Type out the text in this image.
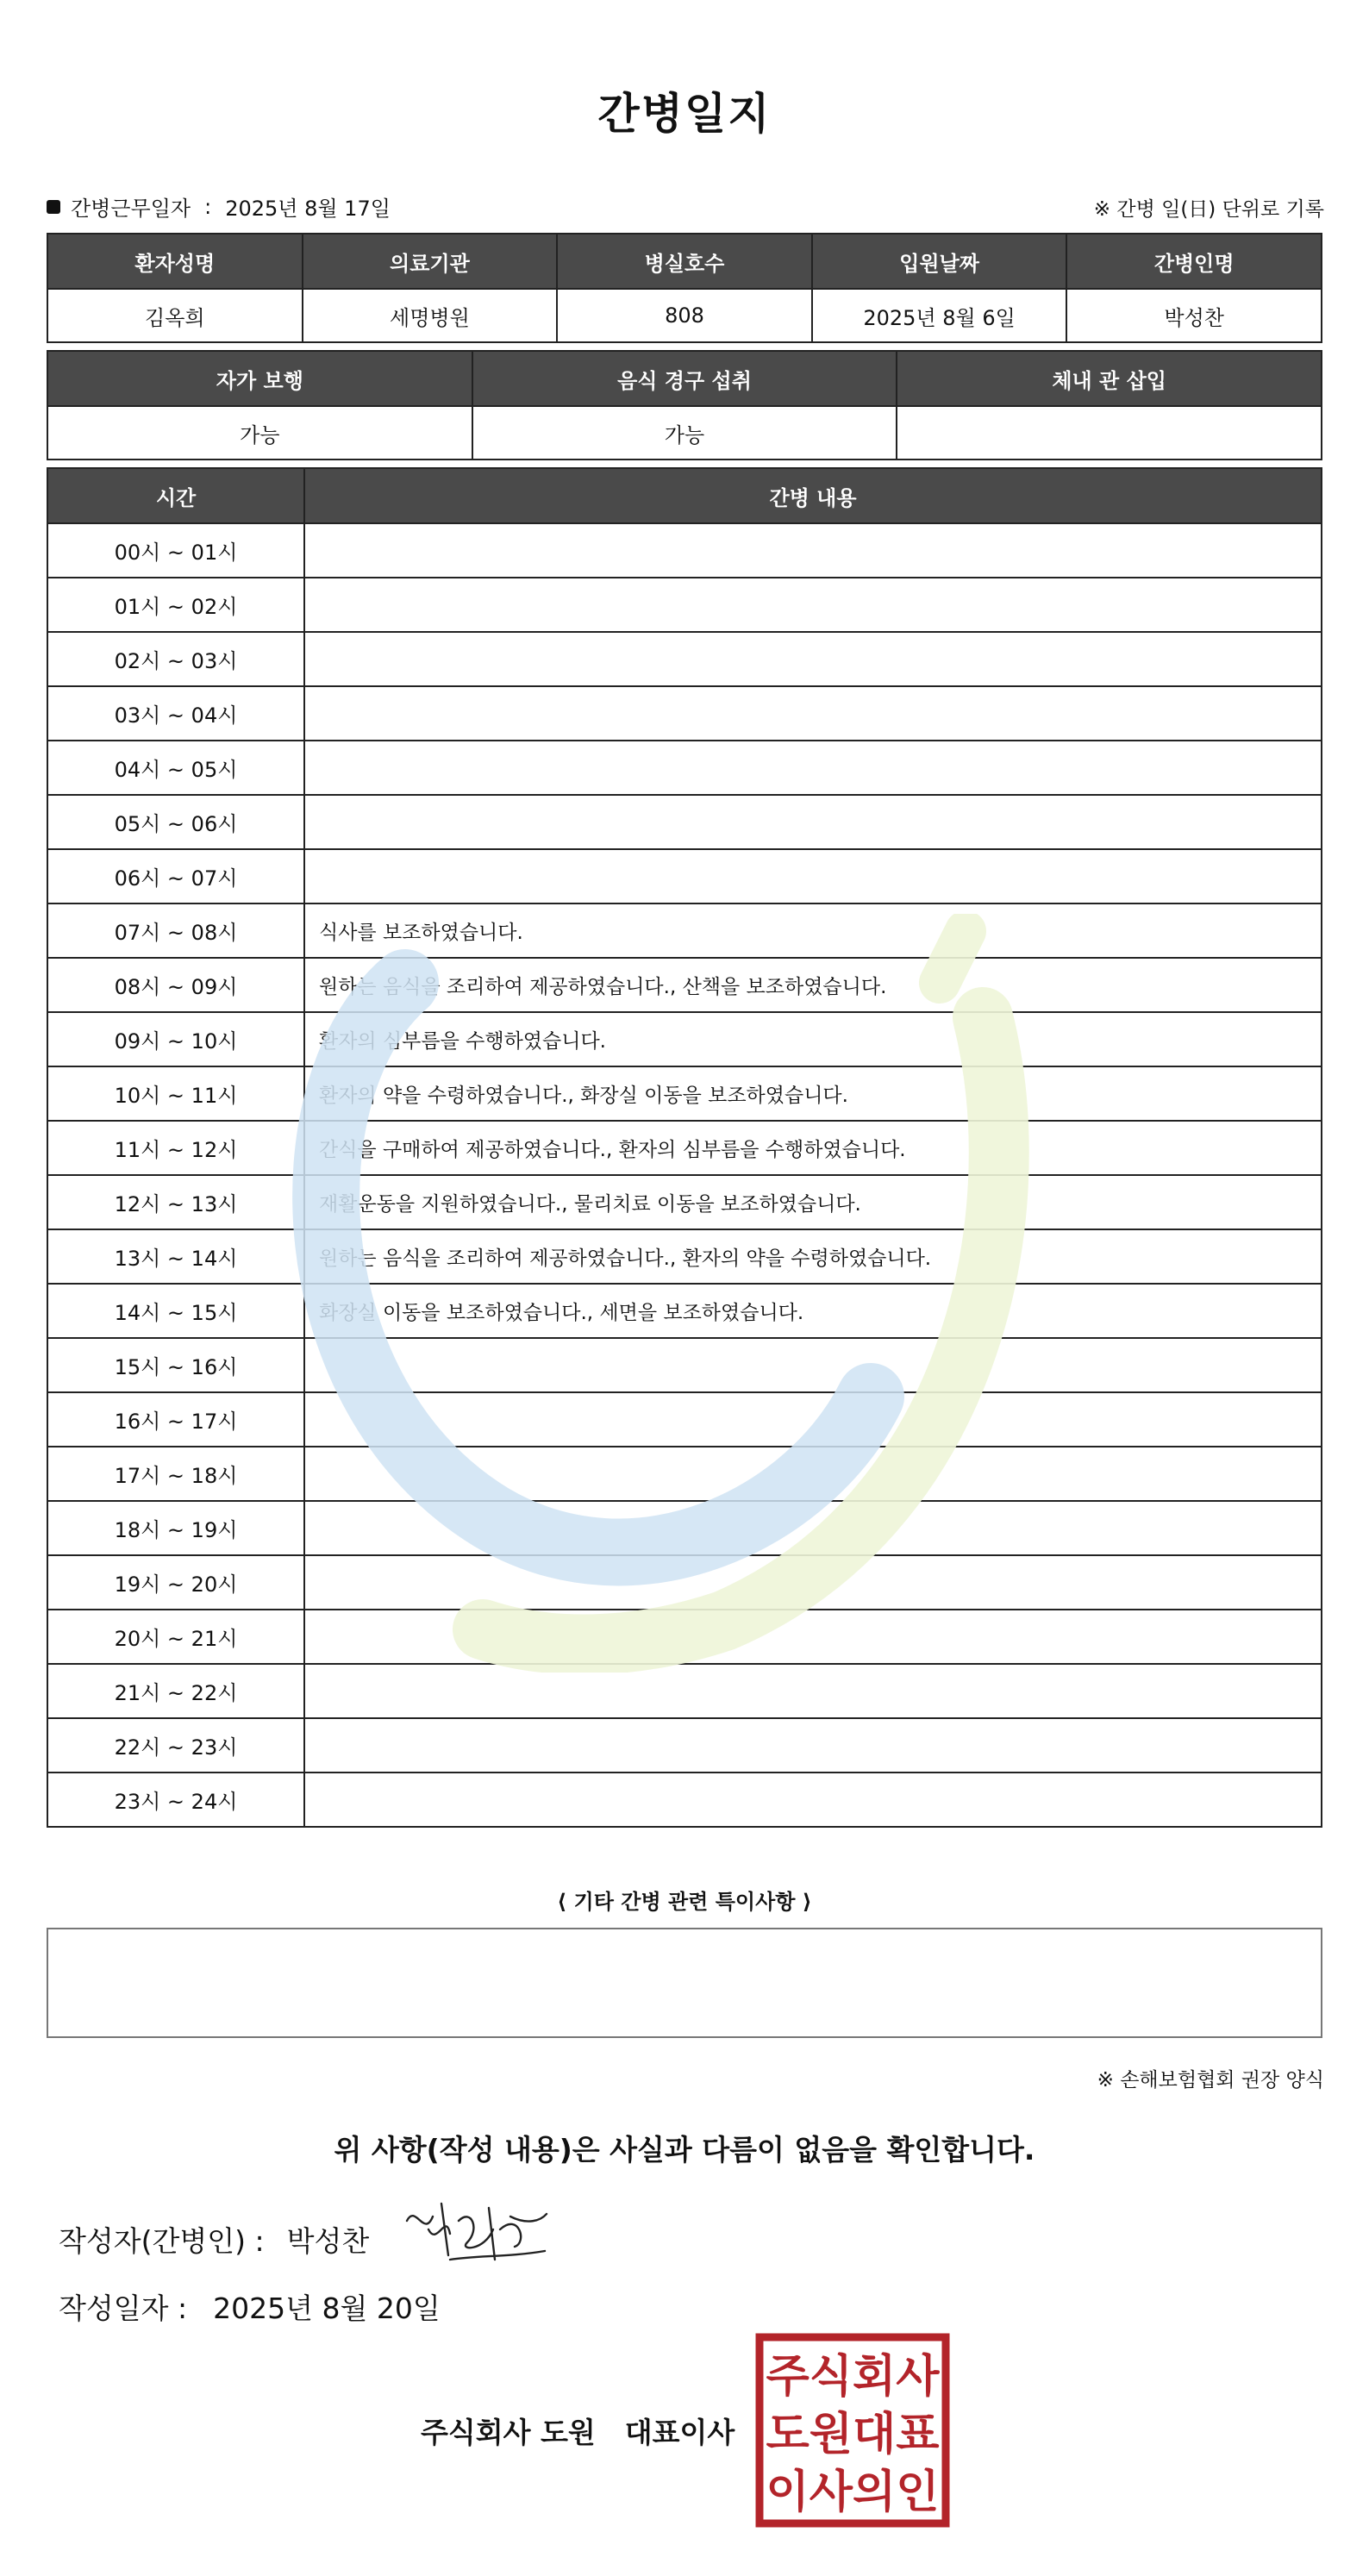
간병일지
간병근무일자 : 2025년 8월 17일	※ 간병 일(日) 단위로 기록
환자성명	의료기관	병실호수	입원날짜	간병인명
김옥희	세명병원	808	2025년 8월 6일	박성찬
자가 보행	음식 경구 섭취	체내 관 삽입
가능	가능	
시간	간병 내용
00시 ~ 01시	
01시 ~ 02시	
02시 ~ 03시	
03시 ~ 04시	
04시 ~ 05시	
05시 ~ 06시	
06시 ~ 07시	
07시 ~ 08시	식사를 보조하였습니다.
08시 ~ 09시	원하는 음식을 조리하여 제공하였습니다., 산책을 보조하였습니다.
09시 ~ 10시	환자의 심부름을 수행하였습니다.
10시 ~ 11시	환자의 약을 수령하였습니다., 화장실 이동을 보조하였습니다.
11시 ~ 12시	간식을 구매하여 제공하였습니다., 환자의 심부름을 수행하였습니다.
12시 ~ 13시	재활운동을 지원하였습니다., 물리치료 이동을 보조하였습니다.
13시 ~ 14시	원하는 음식을 조리하여 제공하였습니다., 환자의 약을 수령하였습니다.
14시 ~ 15시	화장실 이동을 보조하였습니다., 세면을 보조하였습니다.
15시 ~ 16시	
16시 ~ 17시	
17시 ~ 18시	
18시 ~ 19시	
19시 ~ 20시	
20시 ~ 21시	
21시 ~ 22시	
22시 ~ 23시	
23시 ~ 24시	
⟨ 기타 간병 관련 특이사항 ⟩
※ 손해보험협회 권장 양식
위 사항(작성 내용)은 사실과 다름이 없음을 확인합니다.
작성자(간병인) : 박성찬
작성일자 : 2025년 8월 20일
주식회사 도원 대표이사
주식회사
도원대표
이사의인
